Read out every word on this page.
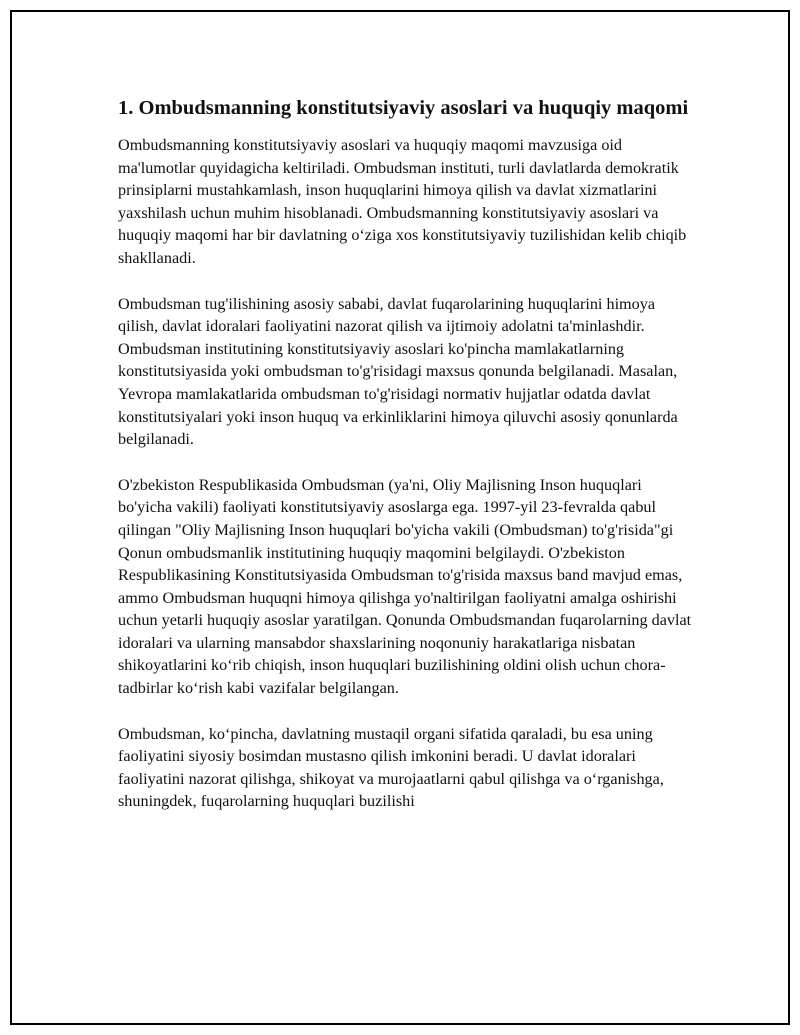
1. Ombudsmanning konstitutsiyaviy asoslari va huquqiy maqomi

Ombudsmanning konstitutsiyaviy asoslari va huquqiy maqomi mavzusiga oid ma'lumotlar quyidagicha keltiriladi. Ombudsman instituti, turli davlatlarda demokratik prinsiplarni mustahkamlash, inson huquqlarini himoya qilish va davlat xizmatlarini yaxshilash uchun muhim hisoblanadi. Ombudsmanning konstitutsiyaviy asoslari va huquqiy maqomi har bir davlatning oʻziga xos konstitutsiyaviy tuzilishidan kelib chiqib shakllanadi.

Ombudsman tug'ilishining asosiy sababi, davlat fuqarolarining huquqlarini himoya qilish, davlat idoralari faoliyatini nazorat qilish va ijtimoiy adolatni ta'minlashdir. Ombudsman institutining konstitutsiyaviy asoslari ko'pincha mamlakatlarning konstitutsiyasida yoki ombudsman to'g'risidagi maxsus qonunda belgilanadi. Masalan, Yevropa mamlakatlarida ombudsman to'g'risidagi normativ hujjatlar odatda davlat konstitutsiyalari yoki inson huquq va erkinliklarini himoya qiluvchi asosiy qonunlarda belgilanadi.

O'zbekiston Respublikasida Ombudsman (ya'ni, Oliy Majlisning Inson huquqlari bo'yicha vakili) faoliyati konstitutsiyaviy asoslarga ega. 1997-yil 23-fevralda qabul qilingan "Oliy Majlisning Inson huquqlari bo'yicha vakili (Ombudsman) to'g'risida"gi Qonun ombudsmanlik institutining huquqiy maqomini belgilaydi. O'zbekiston Respublikasining Konstitutsiyasida Ombudsman to'g'risida maxsus band mavjud emas, ammo Ombudsman huquqni himoya qilishga yo'naltirilgan faoliyatni amalga oshirishi uchun yetarli huquqiy asoslar yaratilgan. Qonunda Ombudsmandan fuqarolarning davlat idoralari va ularning mansabdor shaxslarining noqonuniy harakatlariga nisbatan shikoyatlarini koʻrib chiqish, inson huquqlari buzilishining oldini olish uchun chora-tadbirlar koʻrish kabi vazifalar belgilangan.

Ombudsman, koʻpincha, davlatning mustaqil organi sifatida qaraladi, bu esa uning faoliyatini siyosiy bosimdan mustasno qilish imkonini beradi. U davlat idoralari faoliyatini nazorat qilishga, shikoyat va murojaatlarni qabul qilishga va oʻrganishga, shuningdek, fuqarolarning huquqlari buzilishi
